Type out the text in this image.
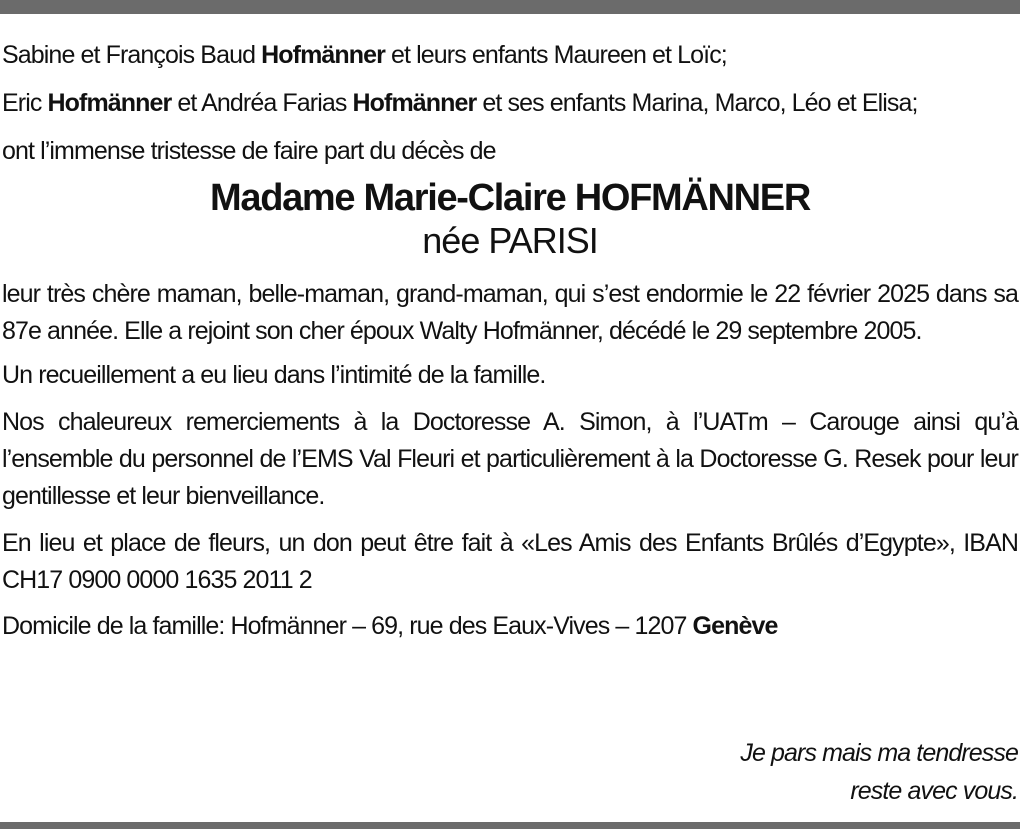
Sabine et François Baud Hofmänner et leurs enfants Maureen et Loïc;
Eric Hofmänner et Andréa Farias Hofmänner et ses enfants Marina, Marco, Léo et Elisa;
ont l’immense tristesse de faire part du décès de
Madame Marie-Claire HOFMÄNNER
née PARISI
leur très chère maman, belle-maman, grand-maman, qui s’est endormie le 22 février 2025 dans sa 87e année. Elle a rejoint son cher époux Walty Hofmänner, décédé le 29 septembre 2005.
Un recueillement a eu lieu dans l’intimité de la famille.
Nos chaleureux remerciements à la Doctoresse A. Simon, à l’UATm – Carouge ainsi qu’à l’ensemble du personnel de l’EMS Val Fleuri et particulièrement à la Doctoresse G. Resek pour leur gentillesse et leur bienveillance.
En lieu et place de fleurs, un don peut être fait à «Les Amis des Enfants Brûlés d’Egypte», IBAN CH17 0900 0000 1635 2011 2
Domicile de la famille: Hofmänner – 69, rue des Eaux-Vives – 1207 Genève
Je pars mais ma tendresse
reste avec vous.
